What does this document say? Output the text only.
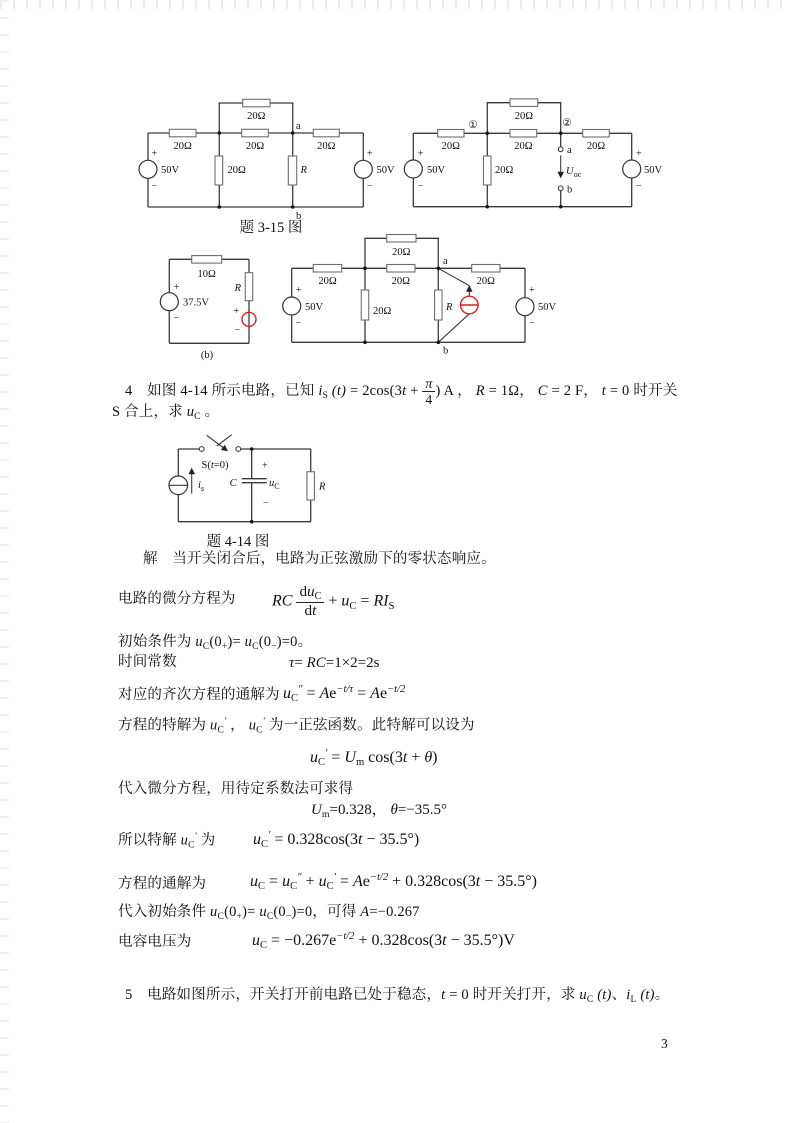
20Ω	20Ω	20Ω
20Ω
20Ω	R
50V	50V
+
−
+
−
a
b
20Ω	20Ω	20Ω
20Ω
20Ω
①	②
a
$U_{oc}$
b
50V	50V
+
−
+
−
题 3-15 图
10Ω
R
37.5V
+
−
+
−
(b)
20Ω	20Ω
20Ω
20Ω
20Ω	R
a
b
50V	50V
+
−
+
−
4　如图 4-14 所示电路，已知 $i_S$ $(t) = 2\cos(3t + \frac{\pi}{4}$ ) A ， R = 1Ω， C = 2 F， t = 0 时开关
S 合上，求 $u_C$ 。
S(t=0)
$i_s$ C
+
$u_C$
−
R
题 4-14 图
解　当开关闭合后，电路为正弦激励下的零状态响应。
电路的微分方程为 RC $\frac{du_C}{dt} + u_C = RI_S$
初始条件为 $u_C(0_+)= u_C(0_-)=0$。
时间常数	τ= RC=1×2=2s
对应的齐次方程的通解为 $u_C'' = Ae^{-t/\tau} = Ae^{-t/2}$
方程的特解为 $u_C'$ ， $u_C'$ 为一正弦函数。此特解可以设为
$u_C' = U_m$ cos(3t + θ)
代入微分方程，用待定系数法可求得
$U_m=0.328$， θ=−35.5°
所以特解 $u_C'$ 为 $u_C' = 0.328\cos(3t - 35.5^\circ)$
方程的通解为	$u_C = u_C'' + u_C' = Ae^{-t/2} + 0.328\cos(3t - 35.5^\circ)$
代入初始条件 $u_C(0_+)= u_C(0_-)=0$，可得 A=−0.267
电容电压为	$u_C = -0.267e^{-t/2} + 0.328\cos(3t - 35.5^\circ)V$
5　电路如图所示，开关打开前电路已处于稳态，t = 0 时开关打开，求 $u_C$ (t)、$i_L$ (t)。
3
